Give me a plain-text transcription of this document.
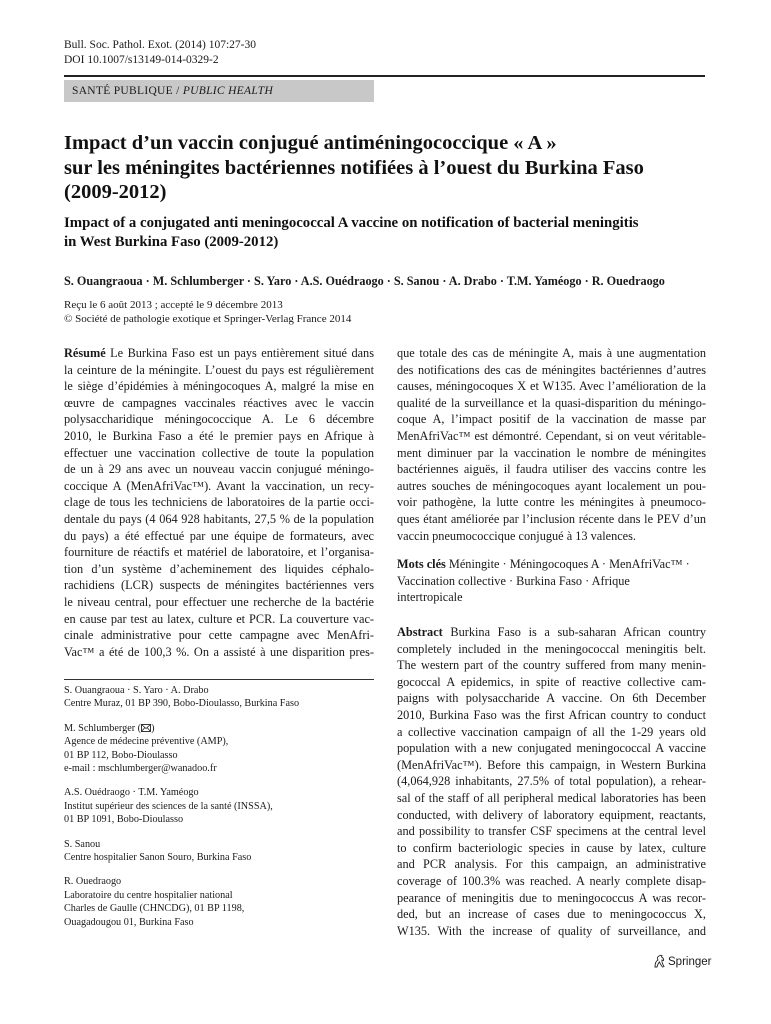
Bull. Soc. Pathol. Exot. (2014) 107:27-30
DOI 10.1007/s13149-014-0329-2
SANTÉ PUBLIQUE / PUBLIC HEALTH
Impact d’un vaccin conjugué antiméningococcique « A »
sur les méningites bactériennes notifiées à l’ouest du Burkina Faso
(2009-2012)
Impact of a conjugated anti meningococcal A vaccine on notification of bacterial meningitis
in West Burkina Faso (2009-2012)
S. Ouangraoua · M. Schlumberger · S. Yaro · A.S. Ouédraogo · S. Sanou · A. Drabo · T.M. Yaméogo · R. Ouedraogo
Reçu le 6 août 2013 ; accepté le 9 décembre 2013
© Société de pathologie exotique et Springer-Verlag France 2014
Résumé Le Burkina Faso est un pays entièrement situé dans
la ceinture de la méningite. L’ouest du pays est régulièrement
le siège d’épidémies à méningocoques A, malgré la mise en
œuvre de campagnes vaccinales réactives avec le vaccin
polysaccharidique méningococcique A. Le 6 décembre
2010, le Burkina Faso a été le premier pays en Afrique à
effectuer une vaccination collective de toute la population
de un à 29 ans avec un nouveau vaccin conjugué méningo-
coccique A (MenAfriVac™). Avant la vaccination, un recy-
clage de tous les techniciens de laboratoires de la partie occi-
dentale du pays (4 064 928 habitants, 27,5 % de la population
du pays) a été effectué par une équipe de formateurs, avec
fourniture de réactifs et matériel de laboratoire, et l’organisa-
tion d’un système d’acheminement des liquides céphalo-
rachidiens (LCR) suspects de méningites bactériennes vers
le niveau central, pour effectuer une recherche de la bactérie
en cause par test au latex, culture et PCR. La couverture vac-
cinale administrative pour cette campagne avec MenAfri-
Vac™ a été de 100,3 %. On a assisté à une disparition pres-
que totale des cas de méningite A, mais à une augmentation
des notifications des cas de méningites bactériennes d’autres
causes, méningocoques X et W135. Avec l’amélioration de la
qualité de la surveillance et la quasi-disparition du méningo-
coque A, l’impact positif de la vaccination de masse par
MenAfriVac™ est démontré. Cependant, si on veut véritable-
ment diminuer par la vaccination le nombre de méningites
bactériennes aiguës, il faudra utiliser des vaccins contre les
autres souches de méningocoques ayant localement un pou-
voir pathogène, la lutte contre les méningites à pneumoco-
ques étant améliorée par l’inclusion récente dans le PEV d’un
vaccin pneumococcique conjugué à 13 valences.
Mots clés Méningite · Méningocoques A · MenAfriVac™ ·
Vaccination collective · Burkina Faso · Afrique
intertropicale
Abstract Burkina Faso is a sub-saharan African country
completely included in the meningococcal meningitis belt.
The western part of the country suffered from many menin-
gococcal A epidemics, in spite of reactive collective cam-
paigns with polysaccharide A vaccine. On 6th December
2010, Burkina Faso was the first African country to conduct
a collective vaccination campaign of all the 1-29 years old
population with a new conjugated meningococcal A vaccine
(MenAfriVac™). Before this campaign, in Western Burkina
(4,064,928 inhabitants, 27.5% of total population), a rehear-
sal of the staff of all peripheral medical laboratories has been
conducted, with delivery of laboratory equipment, reactants,
and possibility to transfer CSF specimens at the central level
to confirm bacteriologic species in cause by latex, culture
and PCR analysis. For this campaign, an administrative
coverage of 100.3% was reached. A nearly complete disap-
pearance of meningitis due to meningococcus A was recor-
ded, but an increase of cases due to meningococcus X,
W135. With the increase of quality of surveillance, and
S. Ouangraoua · S. Yaro · A. Drabo
Centre Muraz, 01 BP 390, Bobo-Dioulasso, Burkina Faso
M. Schlumberger ( )
Agence de médecine préventive (AMP),
01 BP 112, Bobo-Dioulasso
e-mail : mschlumberger@wanadoo.fr
A.S. Ouédraogo · T.M. Yaméogo
Institut supérieur des sciences de la santé (INSSA),
01 BP 1091, Bobo-Dioulasso
S. Sanou
Centre hospitalier Sanon Souro, Burkina Faso
R. Ouedraogo
Laboratoire du centre hospitalier national
Charles de Gaulle (CHNCDG), 01 BP 1198,
Ouagadougou 01, Burkina Faso
Springer
